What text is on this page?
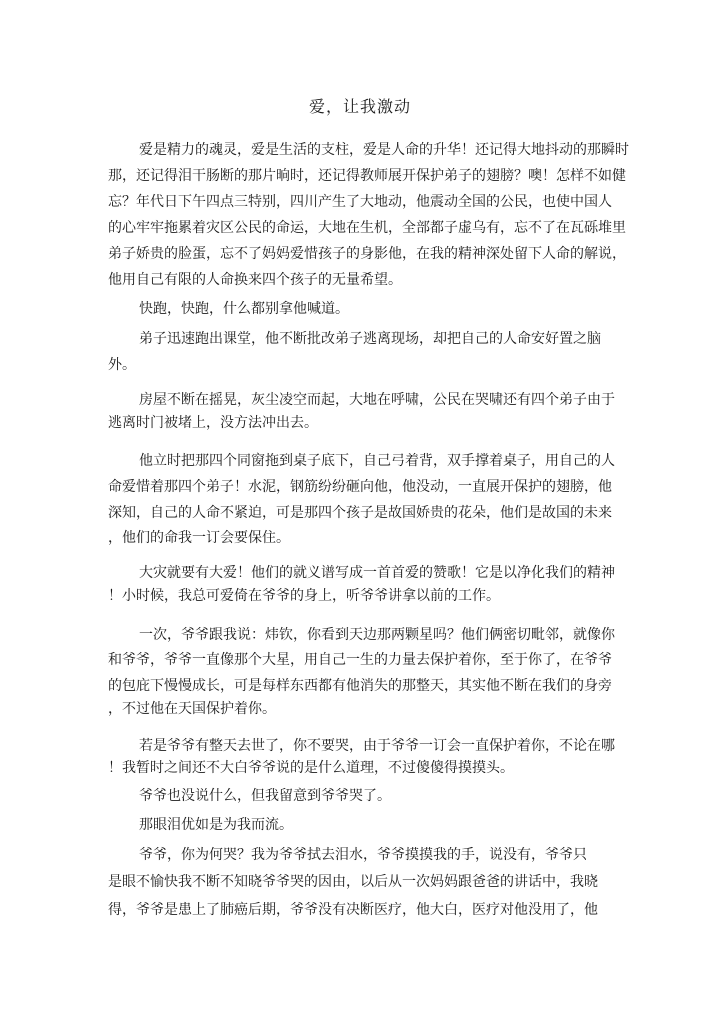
爱，让我激动
爱是精力的魂灵，爱是生活的支柱，爱是人命的升华！还记得大地抖动的那瞬时
那，还记得泪干肠断的那片晌时，还记得教师展开保护弟子的翅膀？噢！怎样不如健
忘？年代日下午四点三特别，四川产生了大地动，他震动全国的公民，也使中国人
的心牢牢拖累着灾区公民的命运，大地在生机，全部都子虚乌有，忘不了在瓦砾堆里
弟子娇贵的脸蛋，忘不了妈妈爱惜孩子的身影他，在我的精神深处留下人命的解说，
他用自己有限的人命换来四个孩子的无量希望。
快跑，快跑，什么都别拿他喊道。
弟子迅速跑出课堂，他不断批改弟子逃离现场，却把自己的人命安好置之脑
外。
房屋不断在摇晃，灰尘凌空而起，大地在呼啸，公民在哭啸还有四个弟子由于
逃离时门被堵上，没方法冲出去。
他立时把那四个同窗拖到桌子底下，自己弓着背，双手撑着桌子，用自己的人
命爱惜着那四个弟子！水泥，钢筋纷纷砸向他，他没动，一直展开保护的翅膀，他
深知，自己的人命不紧迫，可是那四个孩子是故国娇贵的花朵，他们是故国的未来
，他们的命我一订会要保住。
大灾就要有大爱！他们的就义谱写成一首首爱的赞歌！它是以净化我们的精神
！小时候，我总可爱倚在爷爷的身上，听爷爷讲拿以前的工作。
一次，爷爷跟我说：炜钦，你看到天边那两颗星吗？他们俩密切毗邻，就像你
和爷爷，爷爷一直像那个大星，用自己一生的力量去保护着你，至于你了，在爷爷
的包庇下慢慢成长，可是每样东西都有他消失的那整天，其实他不断在我们的身旁
，不过他在天国保护着你。
若是爷爷有整天去世了，你不要哭，由于爷爷一订会一直保护着你，不论在哪
！我暂时之间还不大白爷爷说的是什么道理，不过傻傻得摸摸头。
爷爷也没说什么，但我留意到爷爷哭了。
那眼泪优如是为我而流。
爷爷，你为何哭？我为爷爷拭去泪水，爷爷摸摸我的手，说没有，爷爷只
是眼不愉快我不断不知晓爷爷哭的因由，以后从一次妈妈跟爸爸的讲话中，我晓
得，爷爷是患上了肺癌后期，爷爷没有决断医疗，他大白，医疗对他没用了，他
